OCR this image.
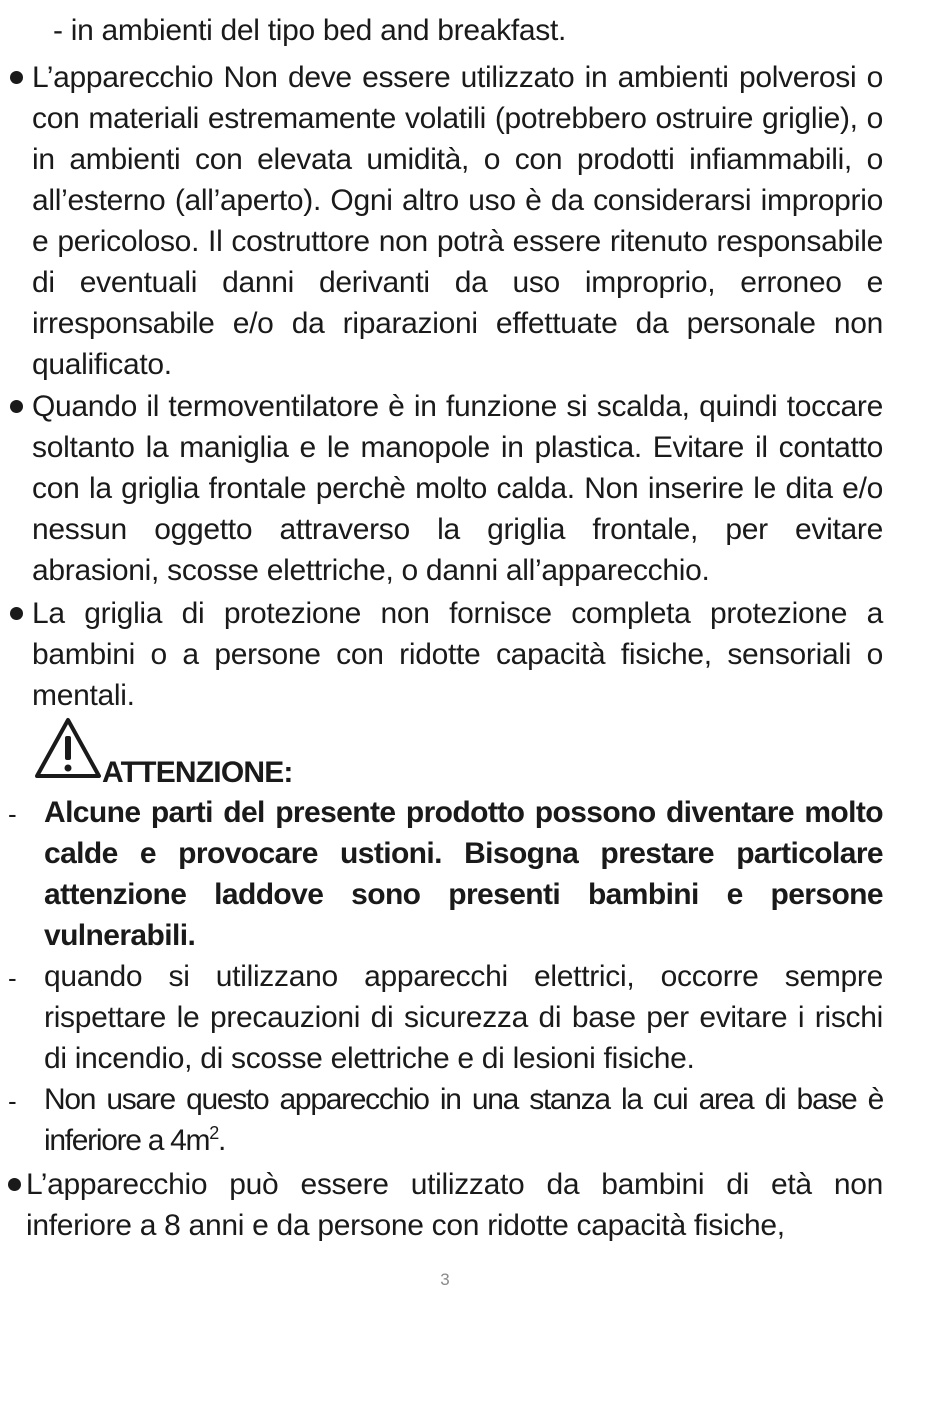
- in ambienti del tipo bed and breakfast.
L’apparecchio Non deve essere utilizzato in ambienti polverosi o con materiali estremamente volatili (potrebbero ostruire griglie), o in ambienti con elevata umidità, o con prodotti infiammabili, o all’esterno (all’aperto). Ogni altro uso è da considerarsi improprio e pericoloso. Il costruttore non potrà essere ritenuto responsabile di eventuali danni derivanti da uso improprio, erroneo e irresponsabile e/o da riparazioni effettuate da personale non qualificato.
Quando il termoventilatore è in funzione si scalda, quindi toccare soltanto la maniglia e le manopole in plastica. Evitare il contatto con la griglia frontale perchè molto calda. Non inserire le dita e/o nessun oggetto attraverso la griglia frontale, per evitare abrasioni, scosse elettriche, o danni all’apparecchio.
La griglia di protezione non fornisce completa protezione a bambini o a persone con ridotte capacità fisiche, sensoriali o mentali.
ATTENZIONE:
- Alcune parti del presente prodotto possono diventare molto calde e provocare ustioni. Bisogna prestare particolare attenzione laddove sono presenti bambini e persone vulnerabili.
- quando si utilizzano apparecchi elettrici, occorre sempre rispettare le precauzioni di sicurezza di base per evitare i rischi di incendio, di scosse elettriche e di lesioni fisiche.
- Non usare questo apparecchio in una stanza la cui area di base è inferiore a $4m^2$.
L’apparecchio può essere utilizzato da bambini di età non inferiore a 8 anni e da persone con ridotte capacità fisiche,
3
